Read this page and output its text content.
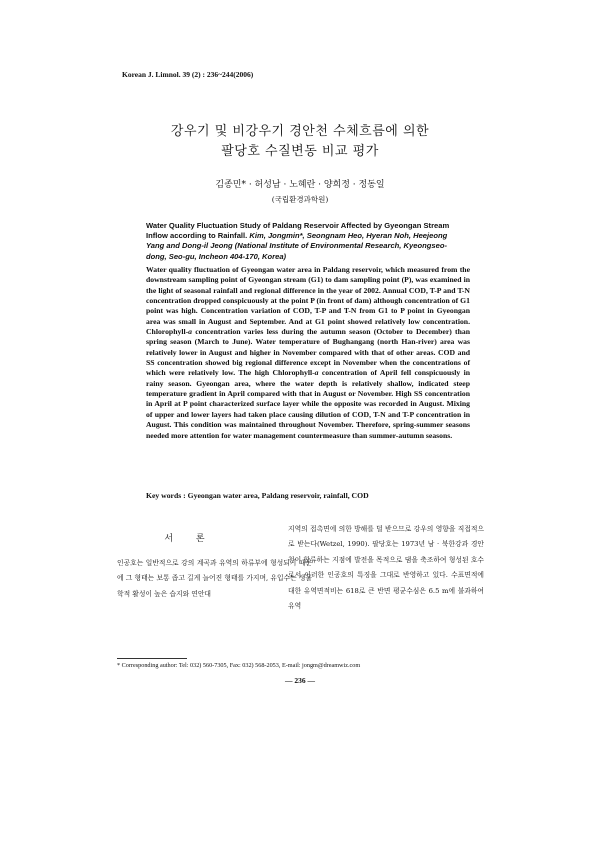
Korean J. Limnol. 39 (2) : 236~244(2006)
강우기 및 비강우기 경안천 수체흐름에 의한
팔당호 수질변동 비교 평가
김종민* · 허성남 · 노혜란 · 양희정 · 정동일
(국립환경과학원)
Water Quality Fluctuation Study of Paldang Reservoir Affected by Gyeongan Stream Inflow according to Rainfall. Kim, Jongmin*, Seongnam Heo, Hyeran Noh, Heejeong Yang and Dong-il Jeong (National Institute of Environmental Research, Kyeongseo-dong, Seo-gu, Incheon 404-170, Korea)
Water quality fluctuation of Gyeongan water area in Paldang reservoir, which measured from the downstream sampling point of Gyeongan stream (G1) to dam sampling point (P), was examined in the light of seasonal rainfall and regional difference in the year of 2002. Annual COD, T-P and T-N concentration dropped conspicuously at the point P (in front of dam) although concentration of G1 point was high. Concentration variation of COD, T-P and T-N from G1 to P point in Gyeongan area was small in August and September. And at G1 point showed relatively low concentration. Chlorophyll-a concentration varies less during the autumn season (October to December) than spring season (March to June). Water temperature of Bughangang (north Han-river) area was relatively lower in August and higher in November compared with that of other areas. COD and SS concentration showed big regional difference except in November when the concentrations of which were relatively low. The high Chlorophyll-a concentration of April fell conspicuously in rainy season. Gyeongan area, where the water depth is relatively shallow, indicated steep temperature gradient in April compared with that in August or November. High SS concentration in April at P point characterized surface layer while the opposite was recorded in August. Mixing of upper and lower layers had taken place causing dilution of COD, T-N and T-P concentration in August. This condition was maintained throughout November. Therefore, spring-summer seasons needed more attention for water management countermeasure than summer-autumn seasons.
Key words : Gyeongan water area, Paldang reservoir, rainfall, COD
서 론
인공호는 일반적으로 강의 계곡과 유역의 하류부에 형성되기 때문에 그 형태는 보통 좁고 길게 늘어진 형태를 가지며, 유입수는 생물학적 활성이 높은 습지와 연안대
지역의 접촉면에 의한 방해를 덜 받으므로 강우의 영향을 직접적으로 받는다(Wetzel, 1990). 팔당호는 1973년 남 · 북한강과 경안천이 합류하는 지점에 발전을 목적으로 댐을 축조하여 형성된 호수로서 이러한 인공호의 특징을 그대로 반영하고 있다. 수표면적에 대한 유역면적비는 618로 큰 반면 평균수심은 6.5 m에 불과하여 유역
* Corresponding author: Tel: 032) 560-7305, Fax: 032) 568-2053, E-mail: jongm@dreamwiz.com
— 236 —
